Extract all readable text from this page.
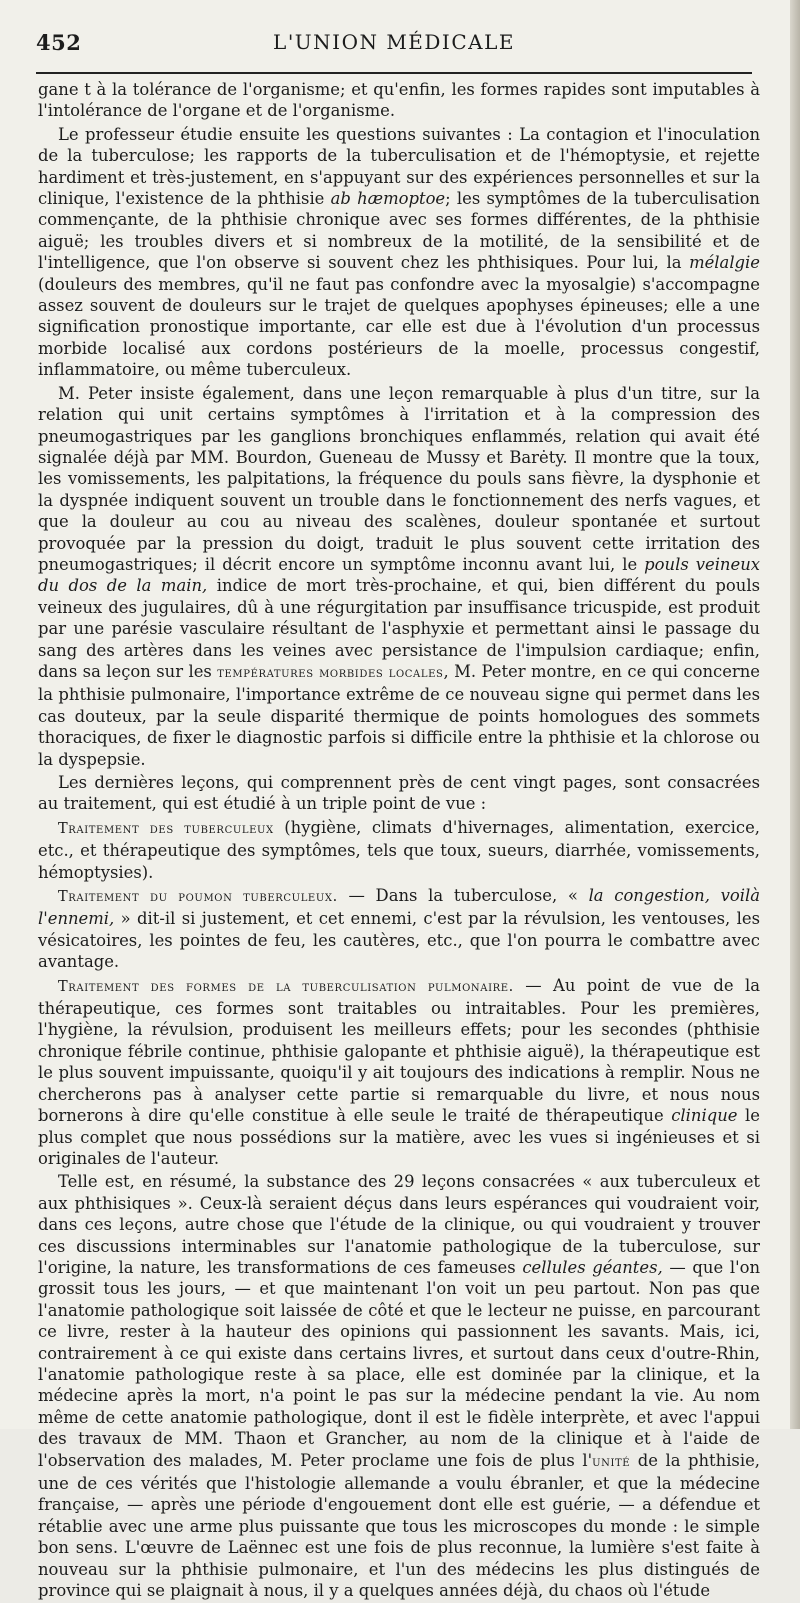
452	L'UNION MÉDICALE

gane t à la tolérance de l'organisme; et qu'enfin, les formes rapides sont imputables à l'intolérance de l'organe et de l'organisme.

Le professeur étudie ensuite les questions suivantes : La contagion et l'inoculation de la tuberculose; les rapports de la tuberculisation et de l'hémoptysie, et rejette hardiment et très-justement, en s'appuyant sur des expériences personnelles et sur la clinique, l'existence de la phthisie ab hæmoptoe; les symptômes de la tuberculisation commençante, de la phthisie chronique avec ses formes différentes, de la phthisie aiguë; les troubles divers et si nombreux de la motilité, de la sensibilité et de l'intelligence, que l'on observe si souvent chez les phthisiques. Pour lui, la mélalgie (douleurs des membres, qu'il ne faut pas confondre avec la myosalgie) s'accompagne assez souvent de douleurs sur le trajet de quelques apophyses épineuses; elle a une signification pronostique importante, car elle est due à l'évolution d'un processus morbide localisé aux cordons postérieurs de la moelle, processus congestif, inflammatoire, ou même tuberculeux.

M. Peter insiste également, dans une leçon remarquable à plus d'un titre, sur la relation qui unit certains symptômes à l'irritation et à la compression des pneumogastriques par les ganglions bronchiques enflammés, relation qui avait été signalée déjà par MM. Bourdon, Gueneau de Mussy et Barėty. Il montre que la toux, les vomissements, les palpitations, la fréquence du pouls sans fièvre, la dysphonie et la dyspnée indiquent souvent un trouble dans le fonctionnement des nerfs vagues, et que la douleur au cou au niveau des scalènes, douleur spontanée et surtout provoquée par la pression du doigt, traduit le plus souvent cette irritation des pneumogastriques; il décrit encore un symptôme inconnu avant lui, le pouls veineux du dos de la main, indice de mort très-prochaine, et qui, bien différent du pouls veineux des jugulaires, dû à une régurgitation par insuffisance tricuspide, est produit par une parésie vasculaire résultant de l'asphyxie et permettant ainsi le passage du sang des artères dans les veines avec persistance de l'impulsion cardiaque; enfin, dans sa leçon sur les températures morbides locales, M. Peter montre, en ce qui concerne la phthisie pulmonaire, l'importance extrême de ce nouveau signe qui permet dans les cas douteux, par la seule disparité thermique de points homologues des sommets thoraciques, de fixer le diagnostic parfois si difficile entre la phthisie et la chlorose ou la dyspepsie.

Les dernières leçons, qui comprennent près de cent vingt pages, sont consacrées au traitement, qui est étudié à un triple point de vue :

Traitement des tuberculeux (hygiène, climats d'hivernages, alimentation, exercice, etc., et thérapeutique des symptômes, tels que toux, sueurs, diarrhée, vomissements, hémoptysies).

Traitement du poumon tuberculeux. — Dans la tuberculose, « la congestion, voilà l'ennemi, » dit-il si justement, et cet ennemi, c'est par la révulsion, les ventouses, les vésicatoires, les pointes de feu, les cautères, etc., que l'on pourra le combattre avec avantage.

Traitement des formes de la tuberculisation pulmonaire. — Au point de vue de la thérapeutique, ces formes sont traitables ou intraitables. Pour les premières, l'hygiène, la révulsion, produisent les meilleurs effets; pour les secondes (phthisie chronique fébrile continue, phthisie galopante et phthisie aiguë), la thérapeutique est le plus souvent impuissante, quoiqu'il y ait toujours des indications à remplir. Nous ne chercherons pas à analyser cette partie si remarquable du livre, et nous nous bornerons à dire qu'elle constitue à elle seule le traité de thérapeutique clinique le plus complet que nous possédions sur la matière, avec les vues si ingénieuses et si originales de l'auteur.

Telle est, en résumé, la substance des 29 leçons consacrées « aux tuberculeux et aux phthisiques ». Ceux-là seraient déçus dans leurs espérances qui voudraient voir, dans ces leçons, autre chose que l'étude de la clinique, ou qui voudraient y trouver ces discussions interminables sur l'anatomie pathologique de la tuberculose, sur l'origine, la nature, les transformations de ces fameuses cellules géantes, — que l'on grossit tous les jours, — et que maintenant l'on voit un peu partout. Non pas que l'anatomie pathologique soit laissée de côté et que le lecteur ne puisse, en parcourant ce livre, rester à la hauteur des opinions qui passionnent les savants. Mais, ici, contrairement à ce qui existe dans certains livres, et surtout dans ceux d'outre-Rhin, l'anatomie pathologique reste à sa place, elle est dominée par la clinique, et la médecine après la mort, n'a point le pas sur la médecine pendant la vie. Au nom même de cette anatomie pathologique, dont il est le fidèle interprète, et avec l'appui des travaux de MM. Thaon et Grancher, au nom de la clinique et à l'aide de l'observation des malades, M. Peter proclame une fois de plus l'unité de la phthisie, une de ces vérités que l'histologie allemande a voulu ébranler, et que la médecine française, — après une période d'engouement dont elle est guérie, — a défendue et rétablie avec une arme plus puissante que tous les microscopes du monde : le simple bon sens. L'œuvre de Laënnec est une fois de plus reconnue, la lumière s'est faite à nouveau sur la phthisie pulmonaire, et l'un des médecins les plus distingués de province qui se plaignait à nous, il y a quelques années déjà, du chaos où l'étude
